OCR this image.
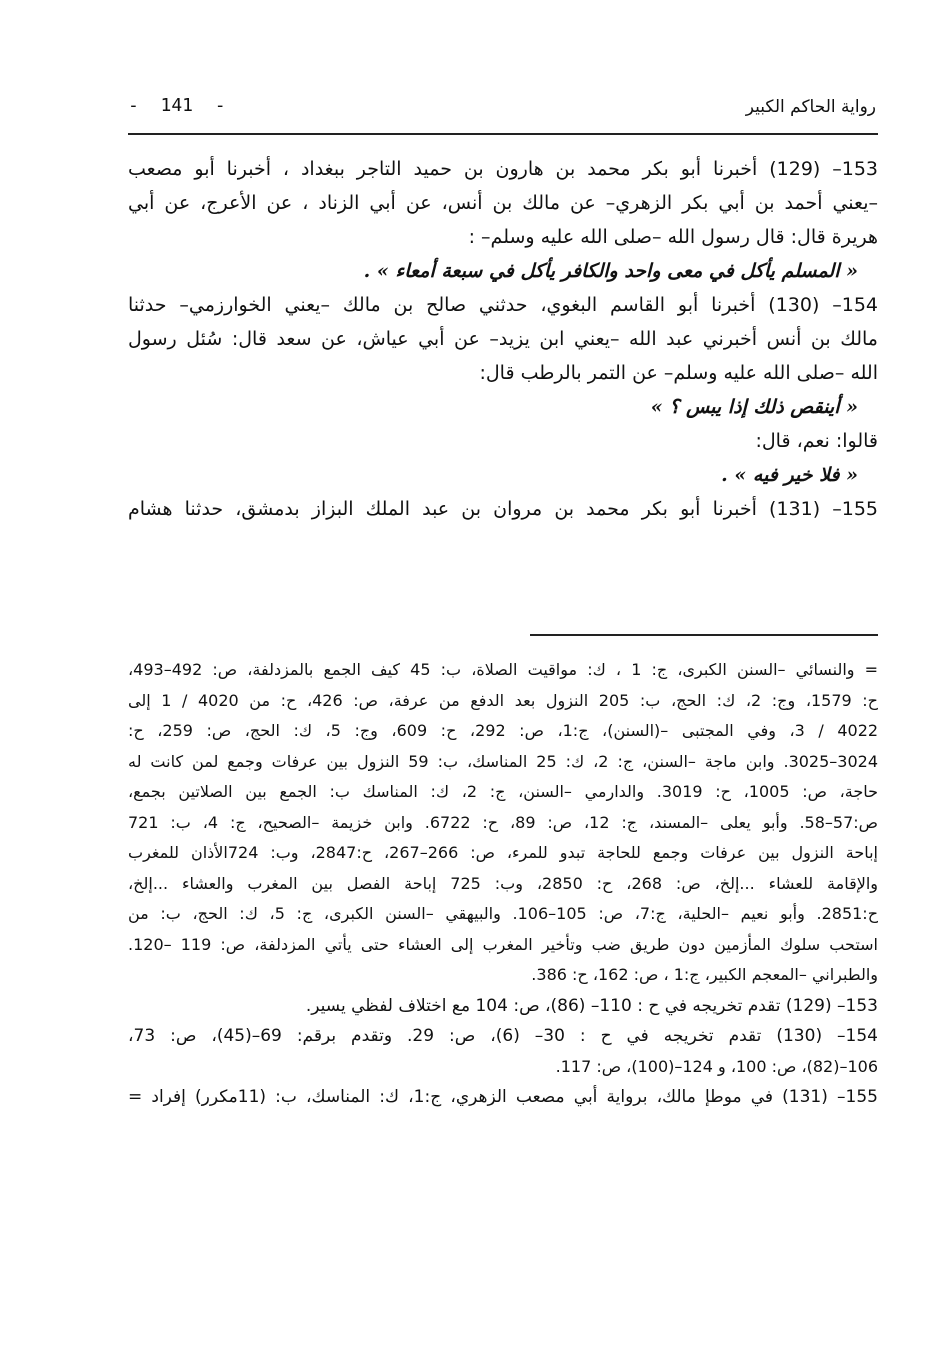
رواية الحاكم الكبير
-  141  -
153– (129) أخبرنا أبو بكر محمد بن هارون بن حميد التاجر ببغداد ، أخبرنا أبو مصعب
–يعني أحمد بن أبي بكر الزهري– عن مالك بن أنس، عن أبي الزناد ، عن الأعرج، عن أبي
هريرة قال: قال رسول الله –صلى الله عليه وسلم– :
« المسلم يأكل في معى واحد والكافر يأكل في سبعة أمعاء » .
154– (130) أخبرنا أبو القاسم البغوي، حدثني صالح بن مالك –يعني الخوارزمي– حدثنا
مالك بن أنس أخبرني عبد الله –يعني ابن يزيد– عن أبي عياش، عن سعد قال: سُئل رسول
الله –صلى الله عليه وسلم– عن التمر بالرطب قال:
« أينقص ذلك إذا يبس ؟ »
قالوا: نعم، قال:
« فلا خير فيه » .
155– (131) أخبرنا أبو بكر محمد بن مروان بن عبد الملك البزاز بدمشق، حدثنا هشام
= والنسائي –السنن الكبرى، ج: 1 ، ك: مواقيت الصلاة، ب: 45 كيف الجمع بالمزدلفة، ص: 492–493،
ح: 1579، وج: 2، ك: الحج، ب: 205 النزول بعد الدفع من عرفة، ص: 426، ح: من 4020 / 1 إلى
4022 / 3، وفي المجتبى –(السنن)، ج:1، ص: 292، ح: 609، وج: 5، ك: الحج، ص: 259، ح:
3024–3025. وابن ماجة –السنن، ج: 2، ك: 25 المناسك، ب: 59 النزول بين عرفات وجمع لمن كانت له
حاجة، ص: 1005، ح: 3019. والدارمي –السنن، ج: 2، ك: المناسك ب: الجمع بين الصلاتين بجمع،
ص:57–58. وأبو يعلى –المسند، ج: 12، ص: 89، ح: 6722. وابن خزيمة –الصحيح، ج: 4، ب: 721
إباحة النزول بين عرفات وجمع للحاجة تبدو للمرء، ص: 266–267، ح:2847، وب: 724الأذان للمغرب
والإقامة للعشاء ...إلخ، ص: 268، ح: 2850، وب: 725 إباحة الفصل بين المغرب والعشاء ...إلخ،
ح:2851. وأبو نعيم –الحلية، ج:7، ص: 105–106. والبيهقي –السنن الكبرى، ج: 5، ك: الحج، ب: من
استحب سلوك المأزمين دون طريق ضب وتأخير المغرب إلى العشاء حتى يأتي المزدلفة، ص: 119 –120.
والطبراني –المعجم الكبير، ج:1 ، ص: 162، ح: 386.
153– (129) تقدم تخريجه في ح : 110– (86)، ص: 104 مع اختلاف لفظي يسير.
154– (130) تقدم تخريجه في ح : 30– (6)، ص: 29. وتقدم برقم: 69–(45)، ص: 73،
106–(82)، ص: 100، و 124–(100)، ص: 117.
155– (131) في موطإ مالك، برواية أبي مصعب الزهري، ج:1، ك: المناسك، ب: (11مكرر) إفراد =
